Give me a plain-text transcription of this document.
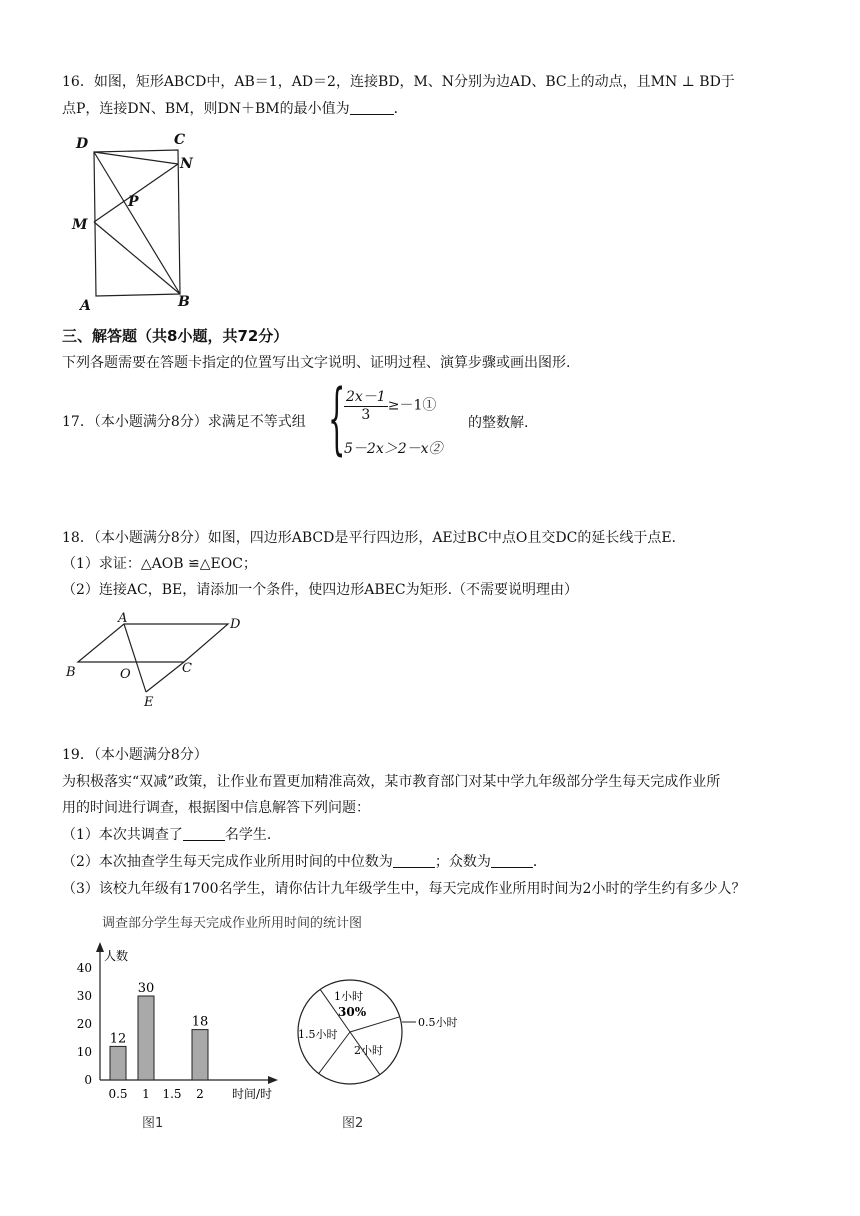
16．如图，矩形ABCD中，AB＝1，AD＝2，连接BD，M、N分别为边AD、BC上的动点，且MN ⊥ BD于
点P，连接DN、BM，则DN＋BM的最小值为	．
D	C
N
P
M
A	B
三、解答题（共8小题，共72分）
下列各题需要在答题卡指定的位置写出文字说明、证明过程、演算步骤或画出图形.
17．（本小题满分8分）求满足不等式组 {
$\frac{2x-1}{3}$ ≥－1①
5－2x＞2－x②
的整数解.
18．（本小题满分8分）如图，四边形ABCD是平行四边形，AE过BC中点O且交DC的延长线于点E.
（1）求证：△AOB ≌△EOC；
（2）连接AC，BE，请添加一个条件，使四边形ABEC为矩形.（不需要说明理由）
A	D
B	O	C
E
19．（本小题满分8分）
为积极落实“双减”政策，让作业布置更加精准高效，某市教育部门对某中学九年级部分学生每天完成作业所
用的时间进行调查，根据图中信息解答下列问题：
（1）本次共调查了	名学生.
（2）本次抽查学生每天完成作业所用时间的中位数为	；众数为	．
（3）该校九年级有1700名学生，请你估计九年级学生中，每天完成作业所用时间为2小时的学生约有多少人？
调查部分学生每天完成作业所用时间的统计图
人数
时间/时
0
10
20
30
40
0.5
12
1
30
1.5 2
18
图1
1小时
30%
0.5小时
2小时
1.5小时
图2
